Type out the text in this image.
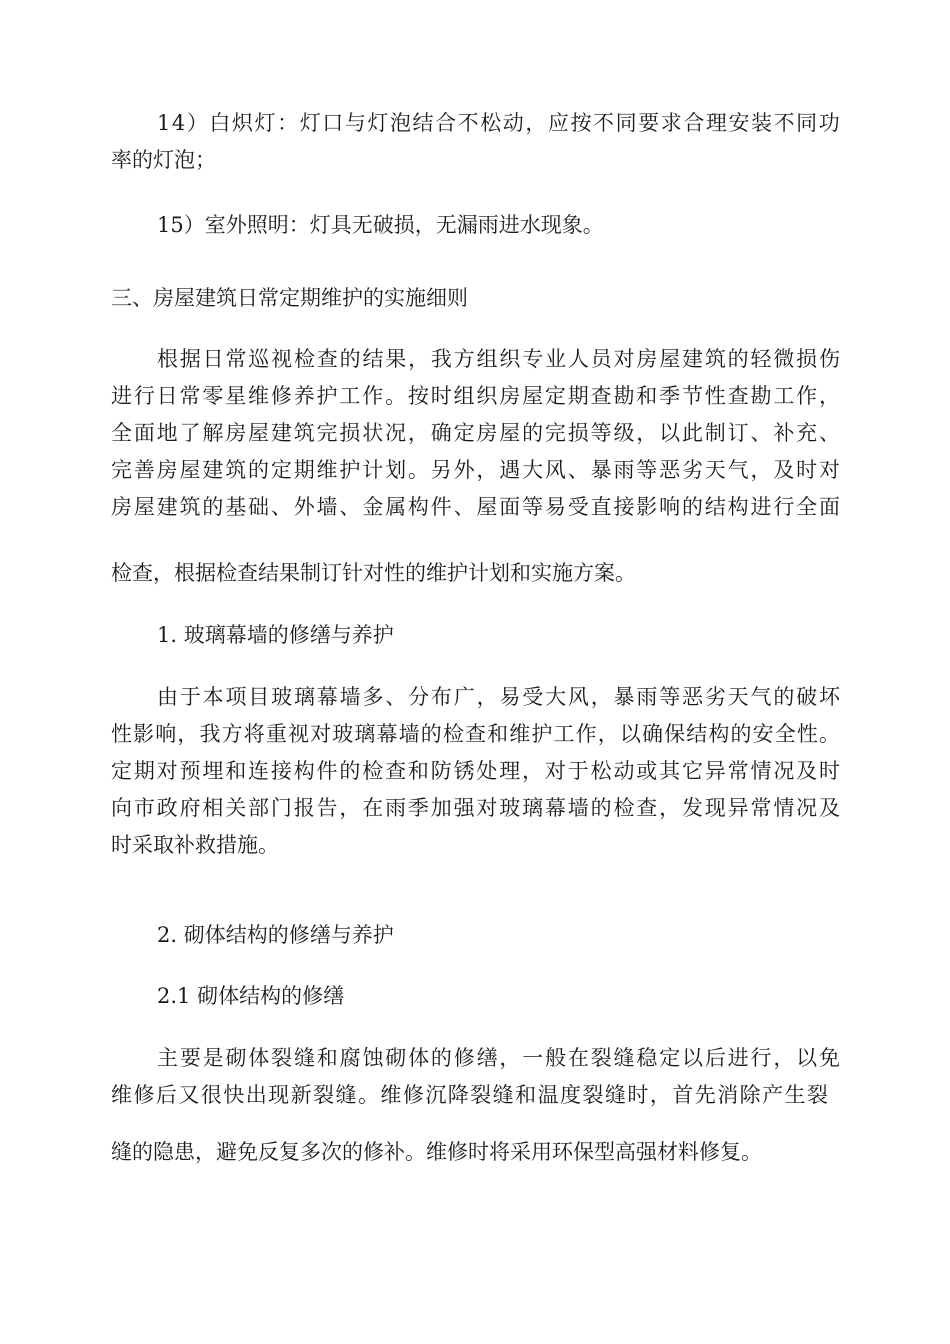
14）白炽灯：灯口与灯泡结合不松动，应按不同要求合理安装不同功
率的灯泡；
15）室外照明：灯具无破损，无漏雨进水现象。
三、房屋建筑日常定期维护的实施细则
根据日常巡视检查的结果，我方组织专业人员对房屋建筑的轻微损伤
进行日常零星维修养护工作。按时组织房屋定期查勘和季节性查勘工作，
全面地了解房屋建筑完损状况，确定房屋的完损等级，以此制订、补充、
完善房屋建筑的定期维护计划。另外，遇大风、暴雨等恶劣天气，及时对
房屋建筑的基础、外墙、金属构件、屋面等易受直接影响的结构进行全面
检查，根据检查结果制订针对性的维护计划和实施方案。
1. 玻璃幕墙的修缮与养护
由于本项目玻璃幕墙多、分布广，易受大风，暴雨等恶劣天气的破坏
性影响，我方将重视对玻璃幕墙的检查和维护工作，以确保结构的安全性。
定期对预埋和连接构件的检查和防锈处理，对于松动或其它异常情况及时
向市政府相关部门报告，在雨季加强对玻璃幕墙的检查，发现异常情况及
时采取补救措施。
2. 砌体结构的修缮与养护
2.1 砌体结构的修缮
主要是砌体裂缝和腐蚀砌体的修缮，一般在裂缝稳定以后进行，以免
维修后又很快出现新裂缝。维修沉降裂缝和温度裂缝时，首先消除产生裂
缝的隐患，避免反复多次的修补。维修时将采用环保型高强材料修复。
